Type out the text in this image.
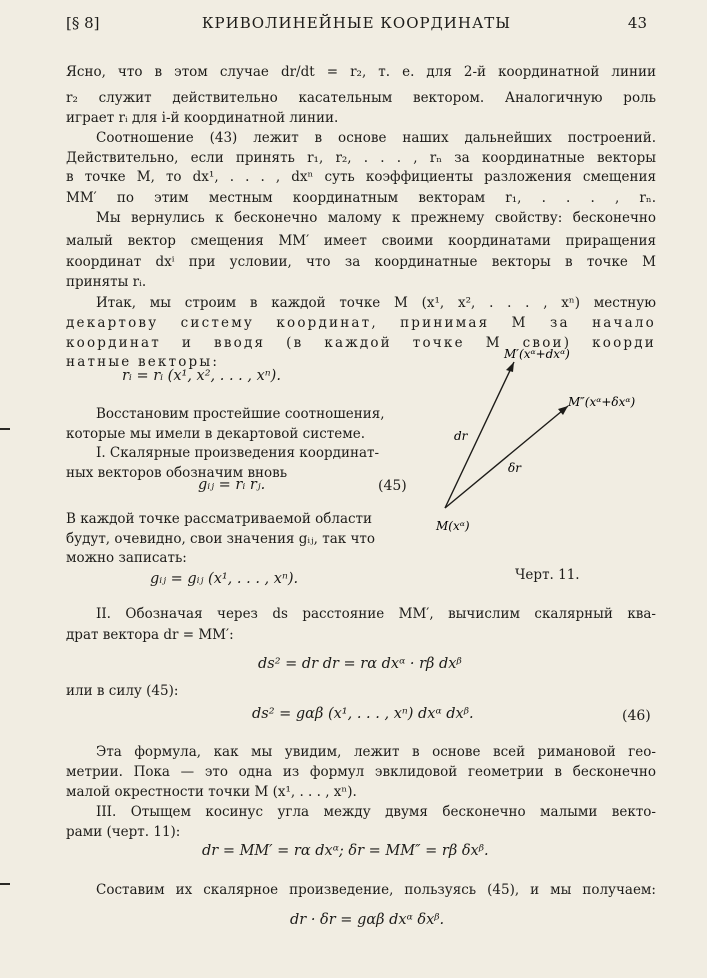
[§ 8]	КРИВОЛИНЕЙНЫЕ КООРДИНАТЫ	43
Ясно, что в этом случае dr/dt = r₂, т. е. для 2-й координатной линии
r₂ служит действительно касательным вектором. Аналогичную роль
играет rᵢ для i-й координатной линии.
Соотношение (43) лежит в основе наших дальнейших построений.
Действительно, если принять r₁, r₂, . . . , rₙ за координатные векторы
в точке M, то dx¹, . . . , dxⁿ суть коэффициенты разложения смещения
MM′ по этим местным координатным векторам r₁, . . . , rₙ.
Мы вернулись к бесконечно малому к прежнему свойству: бесконечно
малый вектор смещения MM′ имеет своими координатами приращения
координат dxⁱ при условии, что за координатные векторы в точке M
приняты rᵢ.
Итак, мы строим в каждой точке M (x¹, x², . . . , xⁿ) местную
декартову систему координат, принимая M за начало
координат и вводя (в каждой точке M свои) коорди
натные векторы:
rᵢ = rᵢ (x¹, x², . . . , xⁿ).
Восстановим простейшие соотношения,
которые мы имели в декартовой системе.
I. Скалярные произведения координат-
ных векторов обозначим вновь
gᵢⱼ = rᵢ rⱼ.	(45)
В каждой точке рассматриваемой области
будут, очевидно, свои значения gᵢⱼ, так что
можно записать:
gᵢⱼ = gᵢⱼ (x¹, . . . , xⁿ).
II. Обозначая через ds расстояние MM′, вычислим скалярный ква-
драт вектора dr = MM′:
ds² = dr dr = rα dxᵅ · rβ dxᵝ
или в силу (45):
ds² = gαβ (x¹, . . . , xⁿ) dxᵅ dxᵝ.	(46)
Эта формула, как мы увидим, лежит в основе всей римановой гео-
метрии. Пока — это одна из формул эвклидовой геометрии в бесконечно
малой окрестности точки M (x¹, . . . , xⁿ).
III. Отыщем косинус угла между двумя бесконечно малыми векто-
рами (черт. 11):
dr = MM′ = rα dxᵅ; δr = MM″ = rβ δxᵝ.
Составим их скалярное произведение, пользуясь (45), и мы получаем:
dr · δr = gαβ dxᵅ δxᵝ.
M(xᵅ)
M′(xᵅ+dxᵅ)
M″(xᵅ+δxᵅ)
dr
δr
Черт. 11.
